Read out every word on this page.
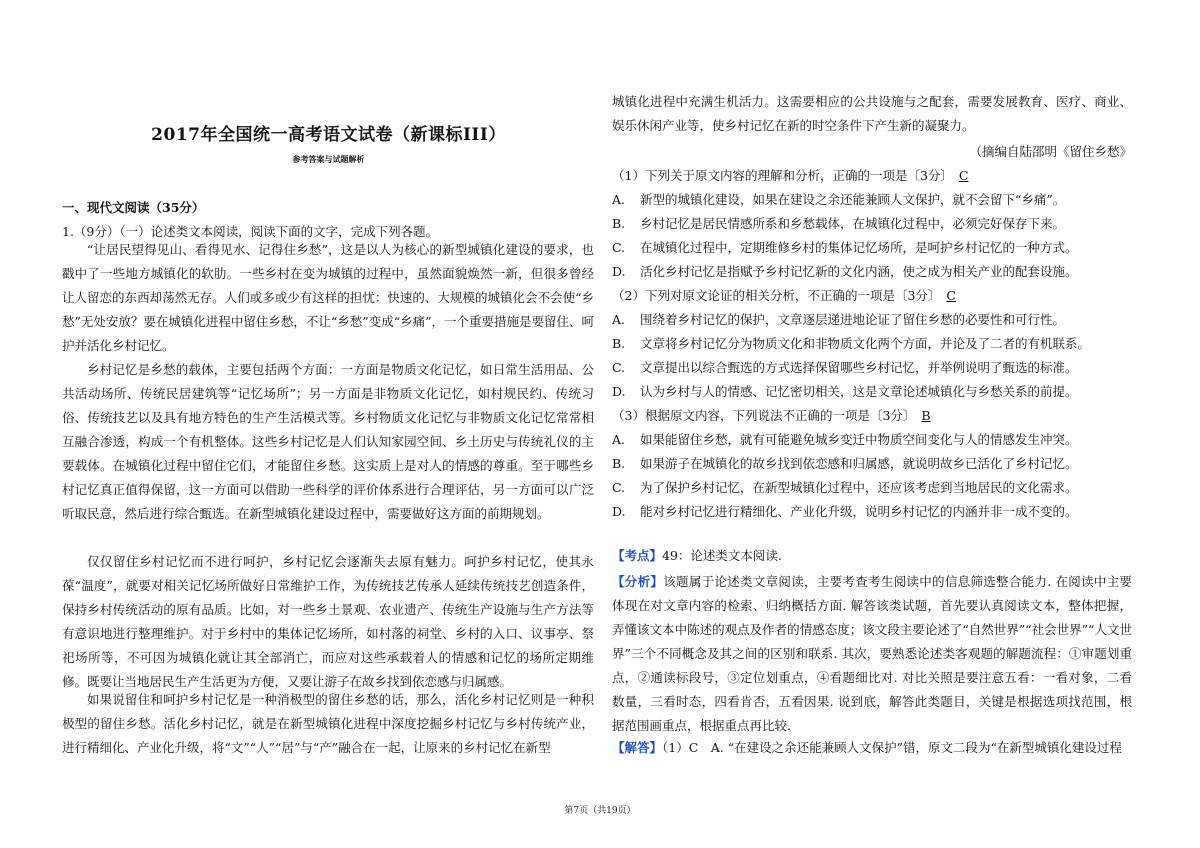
2017年全国统一高考语文试卷（新课标III）
参考答案与试题解析
一、现代文阅读（35分）
1.（9分）（一）论述类文本阅读，阅读下面的文字，完成下列各题。
“让居民望得见山、看得见水、记得住乡愁”，这是以人为核心的新型城镇化建设的要求，也戳中了一些地方城镇化的软肋。一些乡村在变为城镇的过程中，虽然面貌焕然一新，但很多曾经让人留恋的东西却荡然无存。人们或多或少有这样的担忧：快速的、大规模的城镇化会不会使“乡愁”无处安放？要在城镇化进程中留住乡愁，不让“乡愁”变成“乡痛”，一个重要措施是要留住、呵护并活化乡村记忆。
乡村记忆是乡愁的载体，主要包括两个方面：一方面是物质文化记忆，如日常生活用品、公共活动场所、传统民居建筑等“记忆场所”；另一方面是非物质文化记忆，如村规民约、传统习俗、传统技艺以及具有地方特色的生产生活模式等。乡村物质文化记忆与非物质文化记忆常常相互融合渗透，构成一个有机整体。这些乡村记忆是人们认知家园空间、乡土历史与传统礼仪的主要载体。在城镇化过程中留住它们，才能留住乡愁。这实质上是对人的情感的尊重。至于哪些乡村记忆真正值得保留，这一方面可以借助一些科学的评价体系进行合理评估，另一方面可以广泛听取民意，然后进行综合甄选。在新型城镇化建设过程中，需要做好这方面的前期规划。
仅仅留住乡村记忆而不进行呵护，乡村记忆会逐渐失去原有魅力。呵护乡村记忆，使其永葆“温度”，就要对相关记忆场所做好日常维护工作，为传统技艺传承人延续传统技艺创造条件，保持乡村传统活动的原有品质。比如，对一些乡土景观、农业遗产、传统生产设施与生产方法等有意识地进行整理维护。对于乡村中的集体记忆场所，如村落的祠堂、乡村的入口、议事亭、祭祀场所等，不可因为城镇化就让其全部消亡，而应对这些承载着人的情感和记忆的场所定期维修。既要让当地居民生产生活更为方便，又要让游子在故乡找到依恋感与归属感。
如果说留住和呵护乡村记忆是一种消极型的留住乡愁的话，那么，活化乡村记忆则是一种积极型的留住乡愁。活化乡村记忆，就是在新型城镇化进程中深度挖掘乡村记忆与乡村传统产业，进行精细化、产业化升级，将“文”“人”“居”与“产”融合在一起，让原来的乡村记忆在新型
城镇化进程中充满生机活力。这需要相应的公共设施与之配套，需要发展教育、医疗、商业、娱乐休闲产业等，使乡村记忆在新的时空条件下产生新的凝聚力。
（摘编自陆邵明《留住乡愁》
（1）下列关于原文内容的理解和分析，正确的一项是〔3分〕 C
A. 新型的城镇化建设，如果在建设之余还能兼顾人文保护，就不会留下“乡痛”。
B. 乡村记忆是居民情感所系和乡愁载体，在城镇化过程中，必须完好保存下来。
C. 在城镇化过程中，定期维修乡村的集体记忆场所，是呵护乡村记忆的一种方式。
D. 活化乡村记忆是指赋予乡村记忆新的文化内涵，使之成为相关产业的配套设施。
（2）下列对原文论证的相关分析，不正确的一项是〔3分〕 C
A. 围绕着乡村记忆的保护，文章逐层递进地论证了留住乡愁的必要性和可行性。
B. 文章将乡村记忆分为物质文化和非物质文化两个方面，并论及了二者的有机联系。
C. 文章提出以综合甄选的方式选择保留哪些乡村记忆，并举例说明了甄选的标准。
D. 认为乡村与人的情感、记忆密切相关，这是文章论述城镇化与乡愁关系的前提。
（3）根据原文内容，下列说法不正确的一项是〔3分〕 B
A. 如果能留住乡愁，就有可能避免城乡变迁中物质空间变化与人的情感发生冲突。
B. 如果游子在城镇化的故乡找到依恋感和归属感，就说明故乡已活化了乡村记忆。
C. 为了保护乡村记忆，在新型城镇化过程中，还应该考虑到当地居民的文化需求。
D. 能对乡村记忆进行精细化、产业化升级，说明乡村记忆的内涵并非一成不变的。
【考点】49：论述类文本阅读.
【分析】该题属于论述类文章阅读，主要考查考生阅读中的信息筛选整合能力. 在阅读中主要体现在对文章内容的检索、归纳概括方面. 解答该类试题，首先要认真阅读文本，整体把握，弄懂该文本中陈述的观点及作者的情感态度；该文段主要论述了“自然世界”“社会世界”“人文世界”三个不同概念及其之间的区别和联系. 其次，要熟悉论述类客观题的解题流程：①审题划重点，②通读标段号，③定位划重点，④看题细比对. 对比关照是要注意五看：一看对象，二看数量，三看时态，四看肯否，五看因果. 说到底，解答此类题目，关键是根据选项找范围，根据范围画重点，根据重点再比较.
【解答】（1）C　A. “在建设之余还能兼顾人文保护”错，原文二段为“在新型城镇化建设过程
第7页（共19页）
